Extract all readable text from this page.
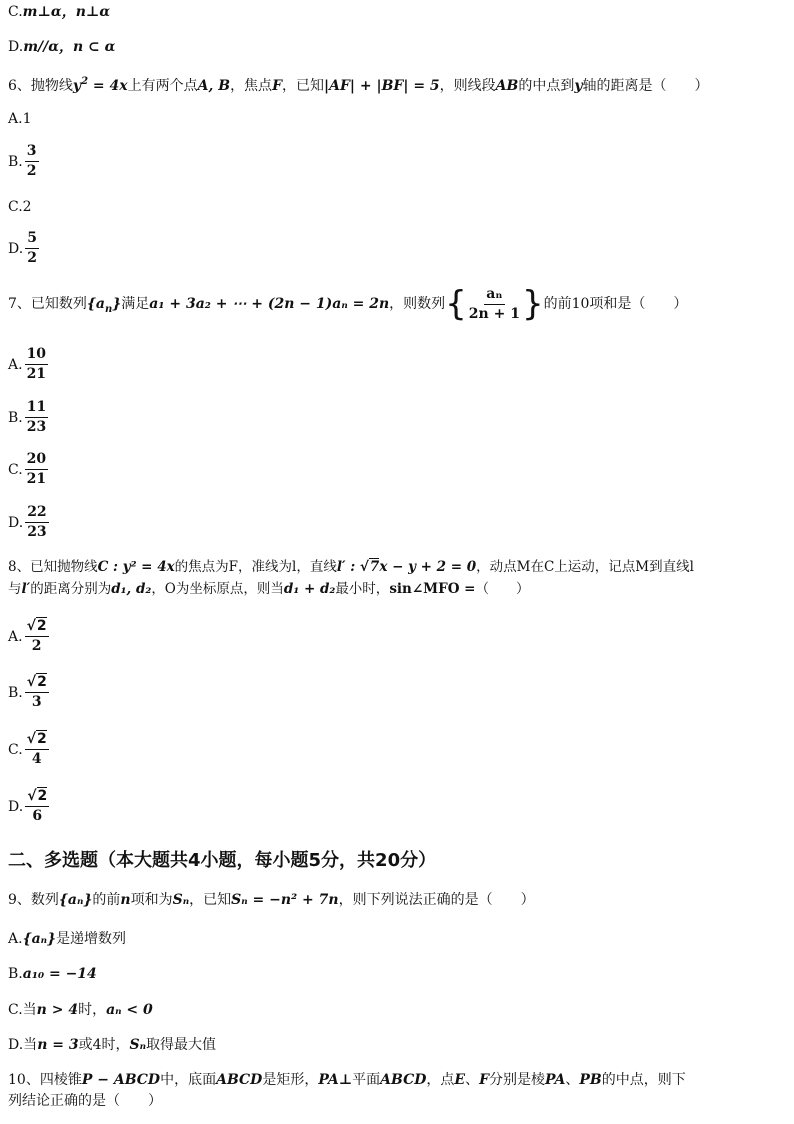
C.m⊥α，n⊥α
D.m//α，n ⊂ α
6、抛物线$y^2 = 4x$上有两个点A, B，焦点F，已知|AF| + |BF| = 5，则线段AB的中点到y轴的距离是（　　）
A.1
B. $\frac{3}{2}$
C.2
D. $\frac{5}{2}$
7、已知数列$\{a_n\}$满足a₁ + 3a₂ + ⋯ + (2n − 1)aₙ = 2n，则数列{ $\frac{\text{aₙ}}{2n + 1}$ }的前10项和是（　　）
A. $\frac{10}{21}$
B. $\frac{11}{23}$
C. $\frac{20}{21}$
D. $\frac{22}{23}$
8、已知抛物线C : y² = 4x的焦点为F，准线为l，直线l′ : √7x − y + 2 = 0，动点M在C上运动，记点M到直线l
与l′的距离分别为d₁, d₂，O为坐标原点，则当d₁ + d₂最小时，sin∠MFO =（　　）
A. $\frac{√2}{2}$
B. $\frac{√2}{3}$
C. $\frac{√2}{4}$
D. $\frac{√2}{6}$
二、多选题（本大题共4小题，每小题5分，共20分）
9、数列{aₙ}的前n项和为Sₙ，已知Sₙ = −n² + 7n，则下列说法正确的是（　　）
A.{aₙ}是递增数列
B.a₁₀ = −14
C.当n > 4时，aₙ < 0
D.当n = 3或4时，Sₙ取得最大值
10、四棱锥P − ABCD中，底面ABCD是矩形，PA⊥平面ABCD，点E、F分别是棱PA、PB的中点，则下
列结论正确的是（　　）
